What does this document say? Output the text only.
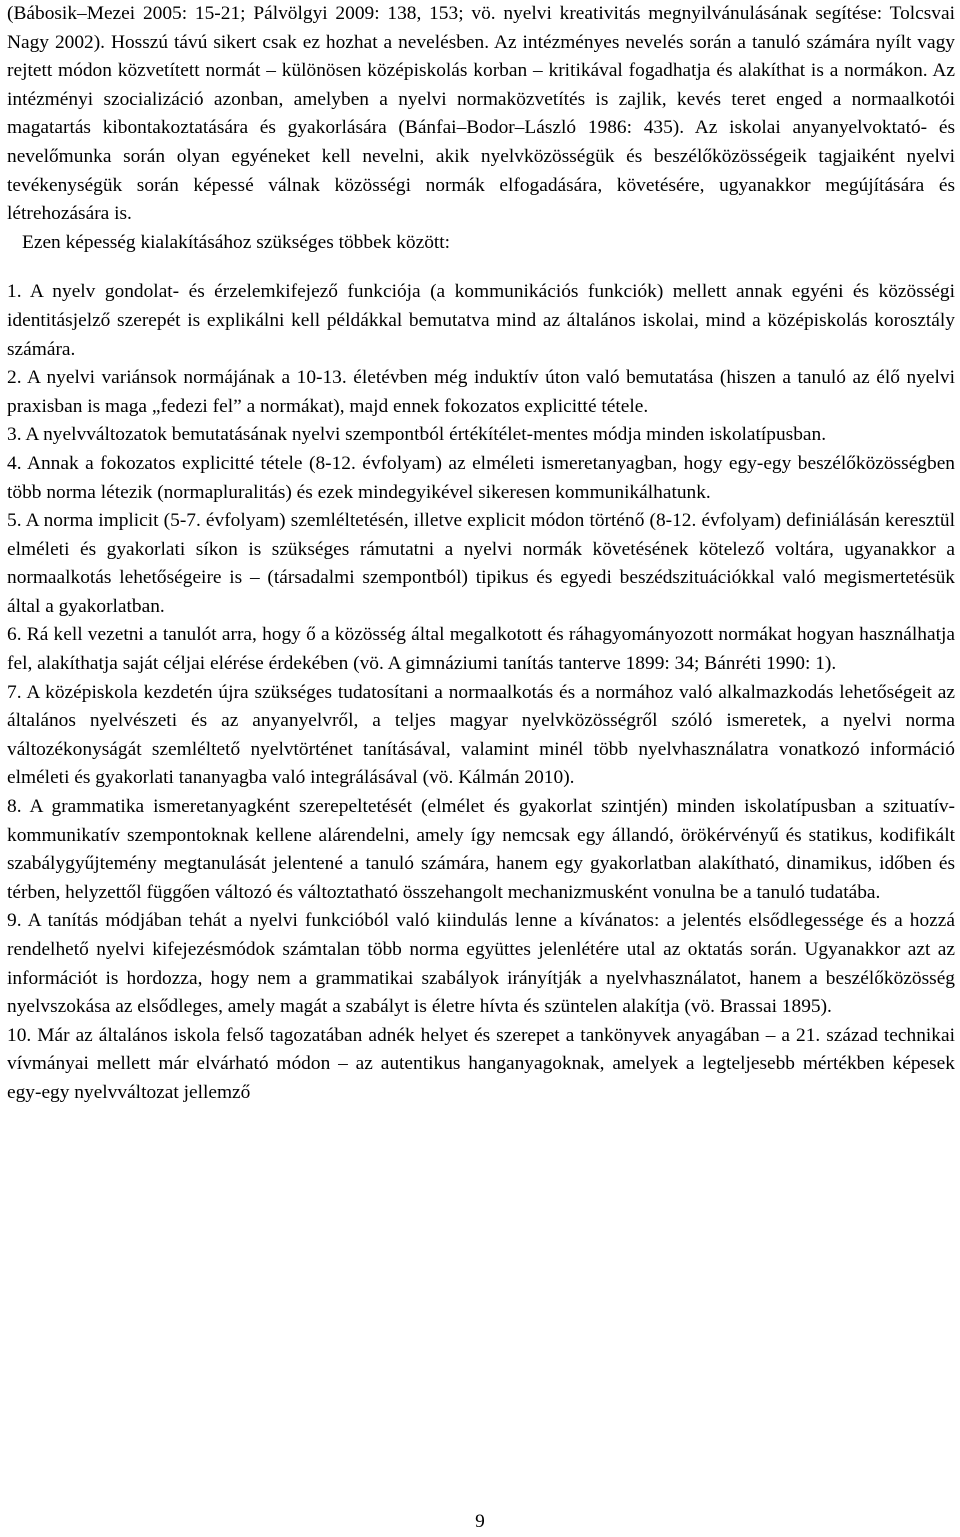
(Bábosik–Mezei 2005: 15-21; Pálvölgyi 2009: 138, 153; vö. nyelvi kreativitás megnyilvánulásának segítése: Tolcsvai Nagy 2002). Hosszú távú sikert csak ez hozhat a nevelésben. Az intézményes nevelés során a tanuló számára nyílt vagy rejtett módon közvetített normát – különösen középiskolás korban – kritikával fogadhatja és alakíthat is a normákon. Az intézményi szocializáció azonban, amelyben a nyelvi normaközvetítés is zajlik, kevés teret enged a normaalkotói magatartás kibontakoztatására és gyakorlására (Bánfai–Bodor–László 1986: 435). Az iskolai anyanyelvoktató- és nevelőmunka során olyan egyéneket kell nevelni, akik nyelvközösségük és beszélőközösségeik tagjaiként nyelvi tevékenységük során képessé válnak közösségi normák elfogadására, követésére, ugyanakkor megújítására és létrehozására is.

Ezen képesség kialakításához szükséges többek között:

1. A nyelv gondolat- és érzelemkifejező funkciója (a kommunikációs funkciók) mellett annak egyéni és közösségi identitásjelző szerepét is explikálni kell példákkal bemutatva mind az általános iskolai, mind a középiskolás korosztály számára.

2. A nyelvi variánsok normájának a 10-13. életévben még induktív úton való bemutatása (hiszen a tanuló az élő nyelvi praxisban is maga „fedezi fel” a normákat), majd ennek fokozatos explicitté tétele.

3. A nyelvváltozatok bemutatásának nyelvi szempontból értékítélet-mentes módja minden iskolatípusban.

4. Annak a fokozatos explicitté tétele (8-12. évfolyam) az elméleti ismeretanyagban, hogy egy-egy beszélőközösségben több norma létezik (normapluralitás) és ezek mindegyikével sikeresen kommunikálhatunk.

5. A norma implicit (5-7. évfolyam) szemléltetésén, illetve explicit módon történő (8-12. évfolyam) definiálásán keresztül elméleti és gyakorlati síkon is szükséges rámutatni a nyelvi normák követésének kötelező voltára, ugyanakkor a normaalkotás lehetőségeire is – (társadalmi szempontból) tipikus és egyedi beszédszituációkkal való megismertetésük által a gyakorlatban.

6. Rá kell vezetni a tanulót arra, hogy ő a közösség által megalkotott és ráhagyományozott normákat hogyan használhatja fel, alakíthatja saját céljai elérése érdekében (vö. A gimnáziumi tanítás tanterve 1899: 34; Bánréti 1990: 1).

7. A középiskola kezdetén újra szükséges tudatosítani a normaalkotás és a normához való alkalmazkodás lehetőségeit az általános nyelvészeti és az anyanyelvről, a teljes magyar nyelvközösségről szóló ismeretek, a nyelvi norma változékonyságát szemléltető nyelvtörténet tanításával, valamint minél több nyelvhasználatra vonatkozó információ elméleti és gyakorlati tananyagba való integrálásával (vö. Kálmán 2010).

8. A grammatika ismeretanyagként szerepeltetését (elmélet és gyakorlat szintjén) minden iskolatípusban a szituatív-kommunikatív szempontoknak kellene alárendelni, amely így nemcsak egy állandó, örökérvényű és statikus, kodifikált szabálygyűjtemény megtanulását jelentené a tanuló számára, hanem egy gyakorlatban alakítható, dinamikus, időben és térben, helyzettől függően változó és változtatható összehangolt mechanizmusként vonulna be a tanuló tudatába.

9. A tanítás módjában tehát a nyelvi funkcióból való kiindulás lenne a kívánatos: a jelentés elsődlegessége és a hozzá rendelhető nyelvi kifejezésmódok számtalan több norma együttes jelenlétére utal az oktatás során. Ugyanakkor azt az információt is hordozza, hogy nem a grammatikai szabályok irányítják a nyelvhasználatot, hanem a beszélőközösség nyelvszokása az elsődleges, amely magát a szabályt is életre hívta és szüntelen alakítja (vö. Brassai 1895).

10. Már az általános iskola felső tagozatában adnék helyet és szerepet a tankönyvek anyagában – a 21. század technikai vívmányai mellett már elvárható módon – az autentikus hanganyagoknak, amelyek a legteljesebb mértékben képesek egy-egy nyelvváltozat jellemző

9
